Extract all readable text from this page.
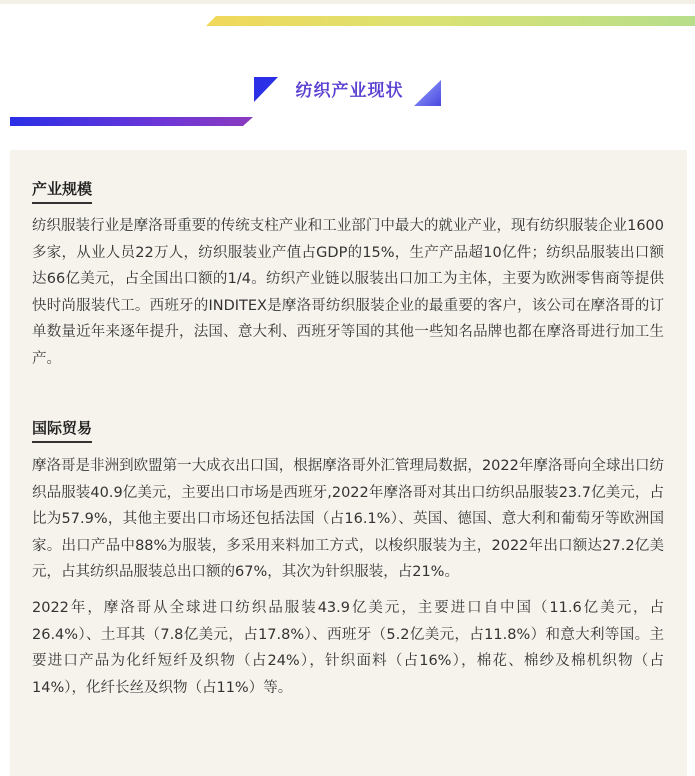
纺织产业现状
产业规模

纺织服装行业是摩洛哥重要的传统支柱产业和工业部门中最大的就业产业，现有纺织服装企业1600多家，从业人员22万人，纺织服装业产值占GDP的15%，生产产品超10亿件；纺织品服装出口额达66亿美元，占全国出口额的1/4。纺织产业链以服装出口加工为主体，主要为欧洲零售商等提供快时尚服装代工。西班牙的INDITEX是摩洛哥纺织服装企业的最重要的客户，该公司在摩洛哥的订单数量近年来逐年提升，法国、意大利、西班牙等国的其他一些知名品牌也都在摩洛哥进行加工生产。

国际贸易

摩洛哥是非洲到欧盟第一大成衣出口国，根据摩洛哥外汇管理局数据，2022年摩洛哥向全球出口纺织品服装40.9亿美元，主要出口市场是西班牙,2022年摩洛哥对其出口纺织品服装23.7亿美元，占比为57.9%，其他主要出口市场还包括法国（占16.1%）、英国、德国、意大利和葡萄牙等欧洲国家。出口产品中88%为服装，多采用来料加工方式，以梭织服装为主，2022年出口额达27.2亿美元，占其纺织品服装总出口额的67%，其次为针织服装，占21%。

2022年，摩洛哥从全球进口纺织品服装43.9亿美元，主要进口自中国（11.6亿美元，占26.4%）、土耳其（7.8亿美元，占17.8%）、西班牙（5.2亿美元，占11.8%）和意大利等国。主要进口产品为化纤短纤及织物（占24%），针织面料（占16%），棉花、棉纱及棉机织物（占14%），化纤长丝及织物（占11%）等。
